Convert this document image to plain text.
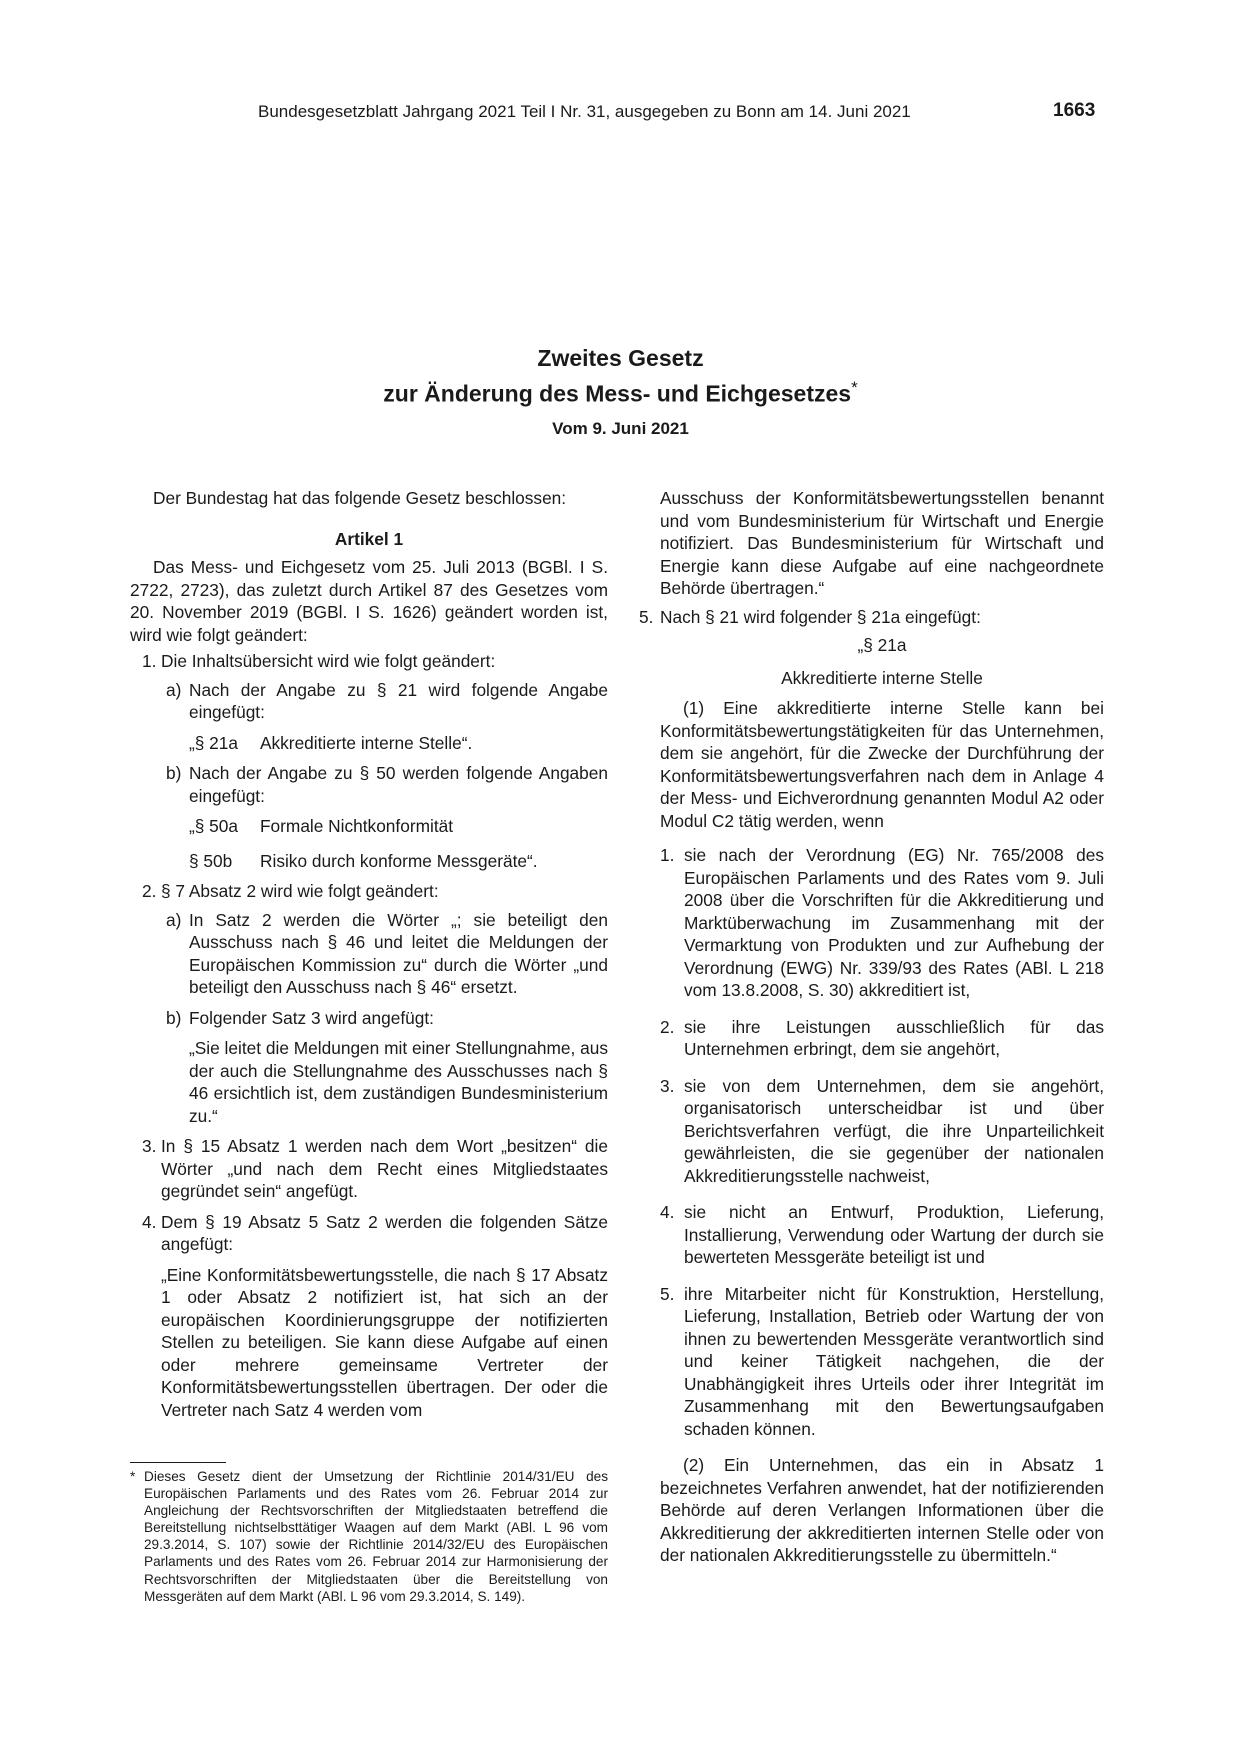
Bundesgesetzblatt Jahrgang 2021 Teil I Nr. 31, ausgegeben zu Bonn am 14. Juni 2021	1663
Zweites Gesetz
zur Änderung des Mess- und Eichgesetzes*
Vom 9. Juni 2021

Der Bundestag hat das folgende Gesetz beschlossen:

Artikel 1

Das Mess- und Eichgesetz vom 25. Juli 2013 (BGBl. I S. 2722, 2723), das zuletzt durch Artikel 87 des Gesetzes vom 20. November 2019 (BGBl. I S. 1626) geändert worden ist, wird wie folgt geändert:

1. Die Inhaltsübersicht wird wie folgt geändert:

a) Nach der Angabe zu § 21 wird folgende Angabe eingefügt:

„§ 21a	Akkreditierte interne Stelle“.
b) Nach der Angabe zu § 50 werden folgende Angaben eingefügt:

„§ 50a	Formale Nichtkonformität
§ 50b	Risiko durch konforme Messgeräte“.
2. § 7 Absatz 2 wird wie folgt geändert:

a) In Satz 2 werden die Wörter „; sie beteiligt den Ausschuss nach § 46 und leitet die Meldungen der Europäischen Kommission zu“ durch die Wörter „und beteiligt den Ausschuss nach § 46“ ersetzt.

b) Folgender Satz 3 wird angefügt:

„Sie leitet die Meldungen mit einer Stellungnahme, aus der auch die Stellungnahme des Ausschusses nach § 46 ersichtlich ist, dem zuständigen Bundesministerium zu.“

3. In § 15 Absatz 1 werden nach dem Wort „besitzen“ die Wörter „und nach dem Recht eines Mitgliedstaates gegründet sein“ angefügt.

4. Dem § 19 Absatz 5 Satz 2 werden die folgenden Sätze angefügt:

„Eine Konformitätsbewertungsstelle, die nach § 17 Absatz 1 oder Absatz 2 notifiziert ist, hat sich an der europäischen Koordinierungsgruppe der notifizierten Stellen zu beteiligen. Sie kann diese Aufgabe auf einen oder mehrere gemeinsame Vertreter der Konformitätsbewertungsstellen übertragen. Der oder die Vertreter nach Satz 4 werden vom

Ausschuss der Konformitätsbewertungsstellen benannt und vom Bundesministerium für Wirtschaft und Energie notifiziert. Das Bundesministerium für Wirtschaft und Energie kann diese Aufgabe auf eine nachgeordnete Behörde übertragen.“

5. Nach § 21 wird folgender § 21a eingefügt:

„§ 21a

Akkreditierte interne Stelle

(1) Eine akkreditierte interne Stelle kann bei Konformitätsbewertungstätigkeiten für das Unternehmen, dem sie angehört, für die Zwecke der Durchführung der Konformitätsbewertungsverfahren nach dem in Anlage 4 der Mess- und Eichverordnung genannten Modul A2 oder Modul C2 tätig werden, wenn

1. sie nach der Verordnung (EG) Nr. 765/2008 des Europäischen Parlaments und des Rates vom 9. Juli 2008 über die Vorschriften für die Akkreditierung und Marktüberwachung im Zusammenhang mit der Vermarktung von Produkten und zur Aufhebung der Verordnung (EWG) Nr. 339/93 des Rates (ABl. L 218 vom 13.8.2008, S. 30) akkreditiert ist,

2. sie ihre Leistungen ausschließlich für das Unternehmen erbringt, dem sie angehört,

3. sie von dem Unternehmen, dem sie angehört, organisatorisch unterscheidbar ist und über Berichtsverfahren verfügt, die ihre Unparteilichkeit gewährleisten, die sie gegenüber der nationalen Akkreditierungsstelle nachweist,

4. sie nicht an Entwurf, Produktion, Lieferung, Installierung, Verwendung oder Wartung der durch sie bewerteten Messgeräte beteiligt ist und

5. ihre Mitarbeiter nicht für Konstruktion, Herstellung, Lieferung, Installation, Betrieb oder Wartung der von ihnen zu bewertenden Messgeräte verantwortlich sind und keiner Tätigkeit nachgehen, die der Unabhängigkeit ihres Urteils oder ihrer Integrität im Zusammenhang mit den Bewertungsaufgaben schaden können.

(2) Ein Unternehmen, das ein in Absatz 1 bezeichnetes Verfahren anwendet, hat der notifizierenden Behörde auf deren Verlangen Informationen über die Akkreditierung der akkreditierten internen Stelle oder von der nationalen Akkreditierungsstelle zu übermitteln.“

* Dieses Gesetz dient der Umsetzung der Richtlinie 2014/31/EU des Europäischen Parlaments und des Rates vom 26. Februar 2014 zur Angleichung der Rechtsvorschriften der Mitgliedstaaten betreffend die Bereitstellung nichtselbsttätiger Waagen auf dem Markt (ABl. L 96 vom 29.3.2014, S. 107) sowie der Richtlinie 2014/32/EU des Europäischen Parlaments und des Rates vom 26. Februar 2014 zur Harmonisierung der Rechtsvorschriften der Mitgliedstaaten über die Bereitstellung von Messgeräten auf dem Markt (ABl. L 96 vom 29.3.2014, S. 149).
